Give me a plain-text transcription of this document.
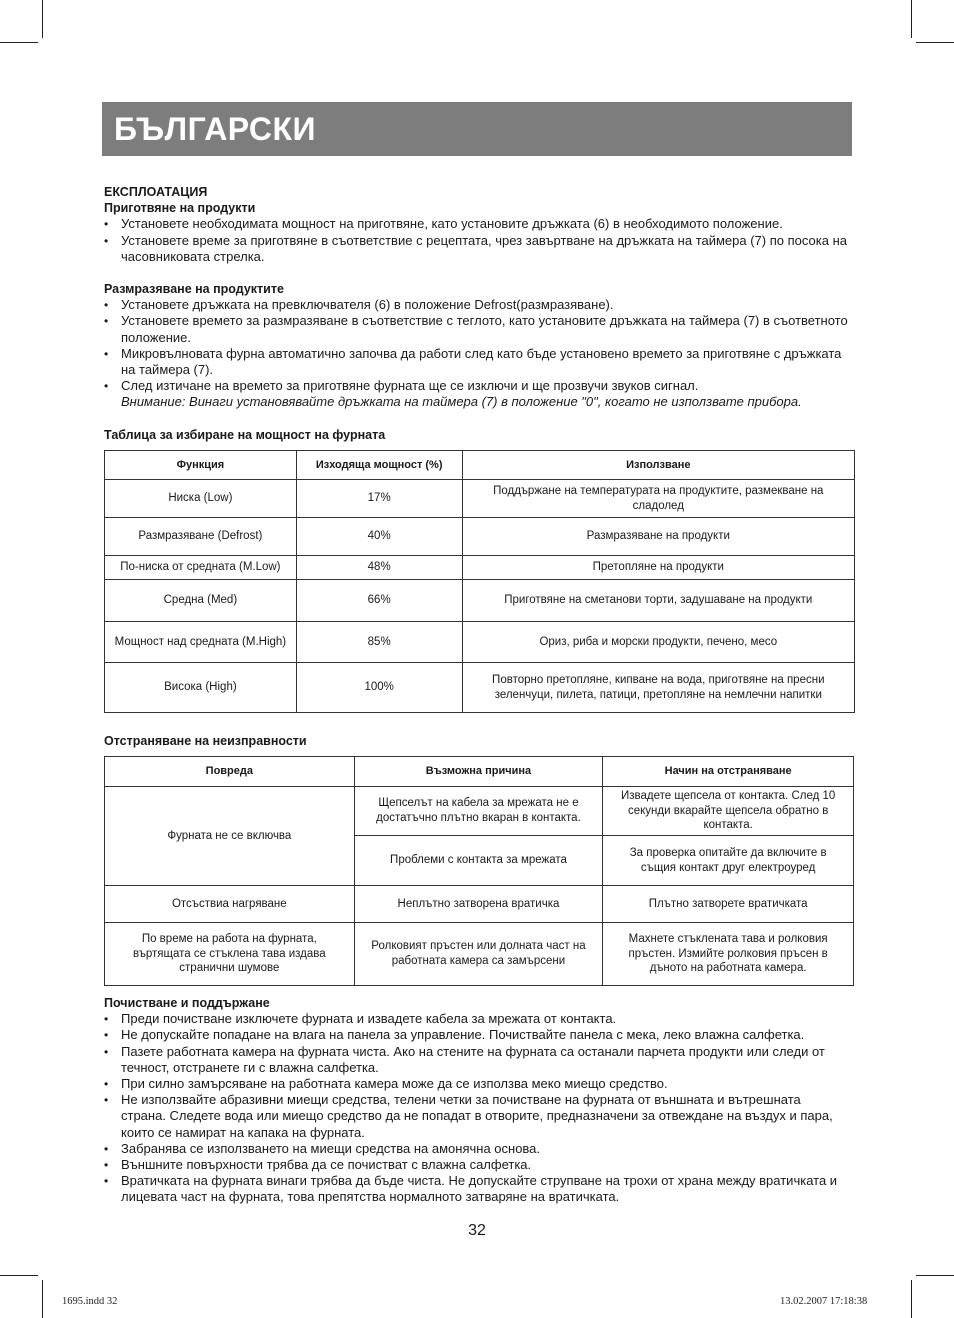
БЪЛГАРСКИ
ЕКСПЛОАТАЦИЯ
Приготвяне на продукти
• Установете необходимата мощност на приготвяне, като установите дръжката (6) в необходимото положение.
• Установете време за приготвяне в съответствие с рецептата, чрез завъртване на дръжката на таймера (7) по посока на часовниковата стрелка.
Размразяване на продуктите
• Установете дръжката на превключвателя (6) в положение Defrost(размразяване).
• Установете времето за размразяване в съответствие с теглото, като установите дръжката на таймера (7) в съответното положение.
• Микровълновата фурна автоматично започва да работи след като бъде установено времето за приготвяне с дръжката на таймера (7).
• След изтичане на времето за приготвяне фурната ще се изключи и ще прозвучи звуков сигнал.
Внимание: Винаги установявайте дръжката на таймера (7) в положение "0", когато не използвате прибора.
Таблица за избиране на мощност на фурната
Функция	Изходяща мощност (%)	Използване
Ниска (Low)	17%	Поддържане на температурата на продуктите, размекване на сладолед
Размразяване (Defrost)	40%	Размразяване на продукти
По-ниска от средната (M.Low)	48%	Претопляне на продукти
Средна (Med)	66%	Приготвяне на сметанови торти, задушаване на продукти
Мощност над средната (M.High)	85%	Ориз, риба и морски продукти, печено, месо
Висока (High)	100%	Повторно претопляне, кипване на вода, приготвяне на пресни зеленчуци, пилета, патици, претопляне на немлечни напитки
Отстраняване на неизправности
Повреда	Възможна причина	Начин на отстраняване
Фурната не се включва	Щепселът на кабела за мрежата не е достатъчно плътно вкаран в контакта.	Извадете щепсела от контакта. След 10 секунди вкарайте щепсела обратно в контакта.
	Проблеми с контакта за мрежата	За проверка опитайте да включите в същия контакт друг електроуред
Отсъствиа нагряване	Неплътно затворена вратичка	Плътно затворете вратичката
По време на работа на фурната, въртящата се стъклена тава издава странични шумове	Ролковият пръстен или долната част на работната камера са замърсени	Махнете стъклената тава и ролковия пръстен. Измийте ролковия пръсен в дъното на работната камера.
Почистване и поддържане
• Преди почистване изключете фурната и извадете кабела за мрежата от контакта.
• Не допускайте попадане на влага на панела за управление. Почиствайте панела с мека, леко влажна салфетка.
• Пазете работната камера на фурната чиста. Ако на стените на фурната са останали парчета продукти или следи от течност, отстранете ги с влажна салфетка.
• При силно замърсяване на работната камера може да се използва меко миещо средство.
• Не използвайте абразивни миещи средства, телени четки за почистване на фурната от външната и вътрешната страна. Следете вода или миещо средство да не попадат в отворите, предназначени за отвеждане на въздух и пара, които се намират на капака на фурната.
• Забранява се използването на миещи средства на амонячна основа.
• Външните повърхности трябва да се почистват с влажна салфетка.
• Вратичката на фурната винаги трябва да бъде чиста. Не допускайте струпване на трохи от храна между вратичката и лицевата част на фурната, това препятства нормалното затваряне на вратичката.
32
1695.indd 32	13.02.2007 17:18:38
